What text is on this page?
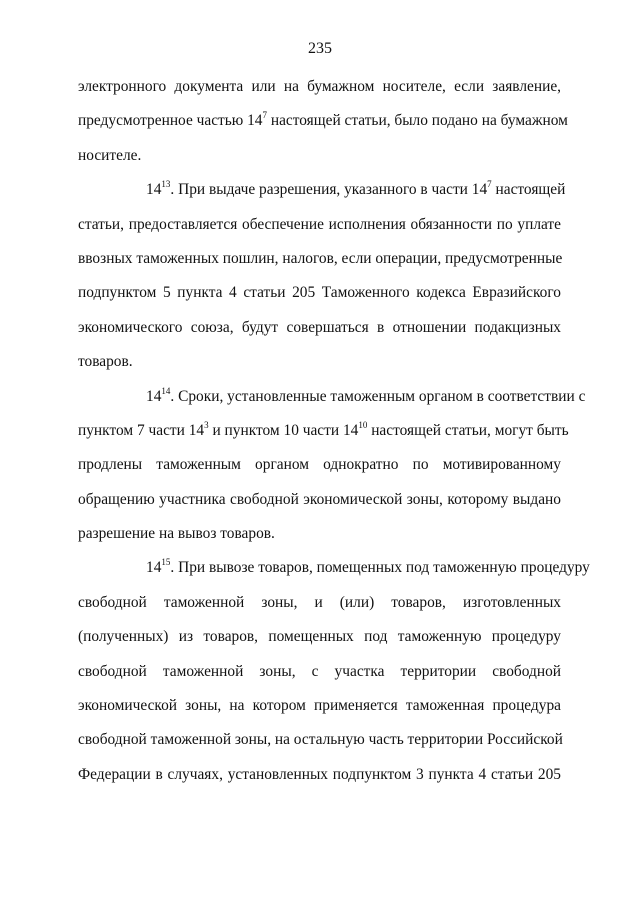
235
электронного документа или на бумажном носителе, если заявление,
предусмотренное частью $14^7$ настоящей статьи, было подано на бумажном
носителе.
$14^{13}$. При выдаче разрешения, указанного в части $14^7$ настоящей
статьи, предоставляется обеспечение исполнения обязанности по уплате
ввозных таможенных пошлин, налогов, если операции, предусмотренные
подпунктом 5 пункта 4 статьи 205 Таможенного кодекса Евразийского
экономического союза, будут совершаться в отношении подакцизных
товаров.
$14^{14}$. Сроки, установленные таможенным органом в соответствии с
пунктом 7 части $14^3$ и пунктом 10 части $14^{10}$ настоящей статьи, могут быть
продлены таможенным органом однократно по мотивированному
обращению участника свободной экономической зоны, которому выдано
разрешение на вывоз товаров.
$14^{15}$. При вывозе товаров, помещенных под таможенную процедуру
свободной таможенной зоны, и (или) товаров, изготовленных
(полученных) из товаров, помещенных под таможенную процедуру
свободной таможенной зоны, с участка территории свободной
экономической зоны, на котором применяется таможенная процедура
свободной таможенной зоны, на остальную часть территории Российской
Федерации в случаях, установленных подпунктом 3 пункта 4 статьи 205
